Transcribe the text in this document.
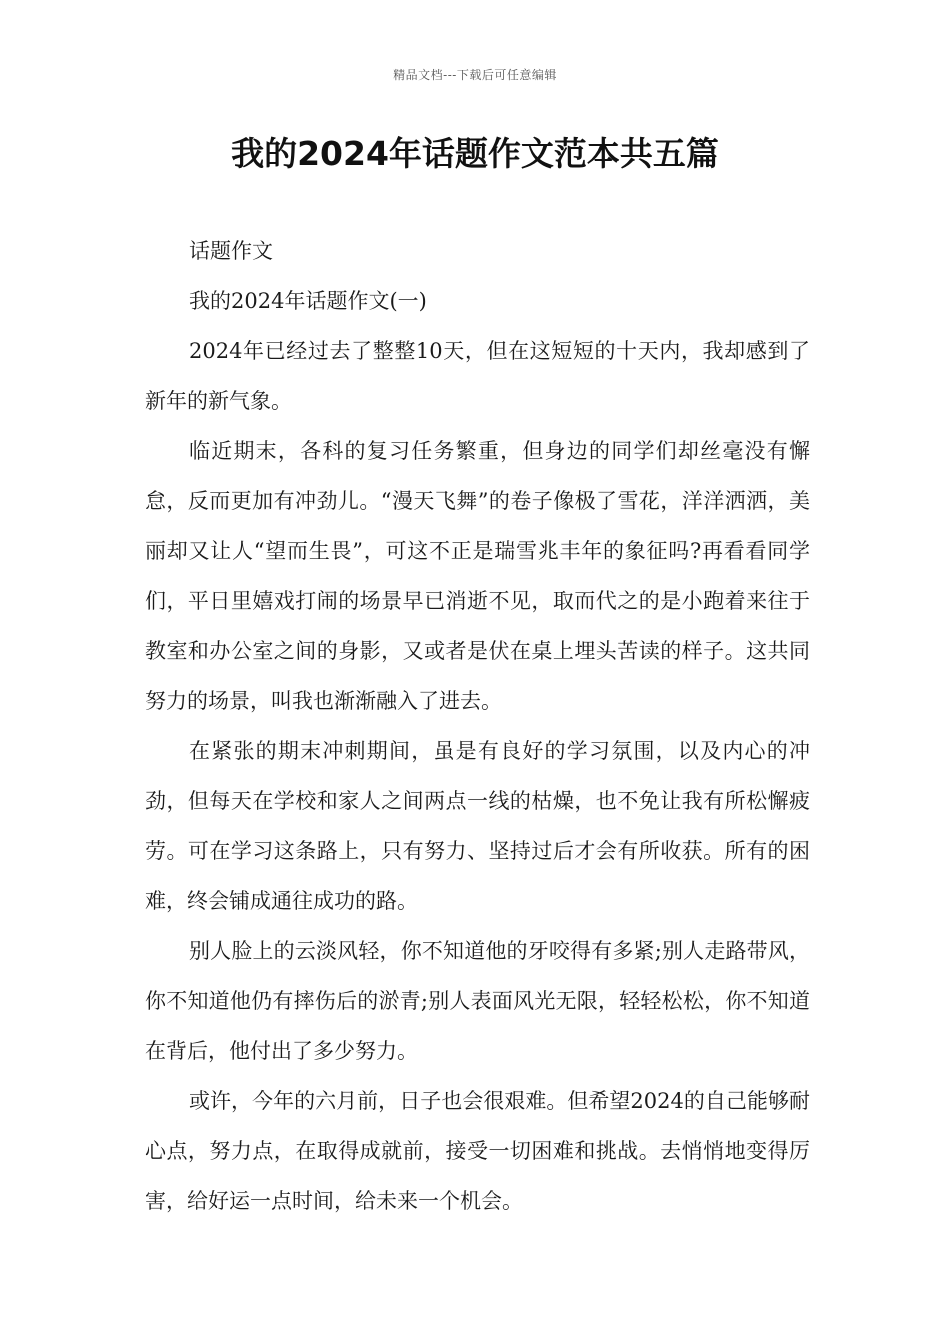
精品文档---下载后可任意编辑
我的2024年话题作文范本共五篇

话题作文

我的2024年话题作文(一)

2024年已经过去了整整10天，但在这短短的十天内，我却感到了新年的新气象。

临近期末，各科的复习任务繁重，但身边的同学们却丝毫没有懈怠，反而更加有冲劲儿。“漫天飞舞”的卷子像极了雪花，洋洋洒洒，美丽却又让人“望而生畏”，可这不正是瑞雪兆丰年的象征吗?再看看同学们，平日里嬉戏打闹的场景早已消逝不见，取而代之的是小跑着来往于教室和办公室之间的身影，又或者是伏在桌上埋头苦读的样子。这共同努力的场景，叫我也渐渐融入了进去。

在紧张的期末冲刺期间，虽是有良好的学习氛围，以及内心的冲劲，但每天在学校和家人之间两点一线的枯燥，也不免让我有所松懈疲劳。可在学习这条路上，只有努力、坚持过后才会有所收获。所有的困难，终会铺成通往成功的路。

别人脸上的云淡风轻，你不知道他的牙咬得有多紧;别人走路带风，你不知道他仍有摔伤后的淤青;别人表面风光无限，轻轻松松，你不知道在背后，他付出了多少努力。

或许，今年的六月前，日子也会很艰难。但希望2024的自己能够耐心点，努力点，在取得成就前，接受一切困难和挑战。去悄悄地变得厉害，给好运一点时间，给未来一个机会。
